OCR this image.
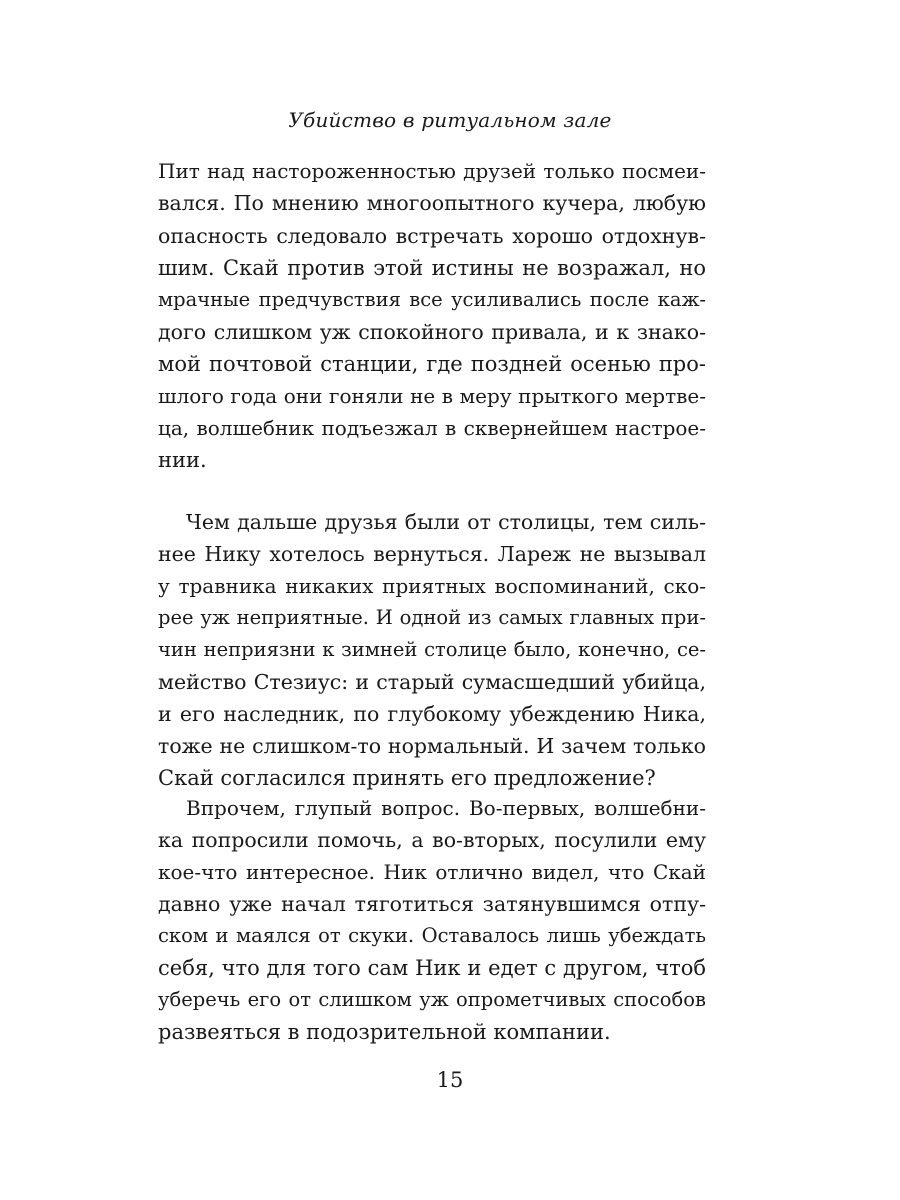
Убийство в ритуальном зале
Пит над настороженностью друзей только посмеи-
вался. По мнению многоопытного кучера, любую
опасность следовало встречать хорошо отдохнув-
шим. Скай против этой истины не возражал, но
мрачные предчувствия все усиливались после каж-
дого слишком уж спокойного привала, и к знако-
мой почтовой станции, где поздней осенью про-
шлого года они гоняли не в меру прыткого мертве-
ца, волшебник подъезжал в сквернейшем настрое-
нии.
Чем дальше друзья были от столицы, тем силь-
нее Нику хотелось вернуться. Лареж не вызывал
у травника никаких приятных воспоминаний, ско-
рее уж неприятные. И одной из самых главных при-
чин неприязни к зимней столице было, конечно, се-
мейство Стезиус: и старый сумасшедший убийца,
и его наследник, по глубокому убеждению Ника,
тоже не слишком-то нормальный. И зачем только
Скай согласился принять его предложение?
Впрочем, глупый вопрос. Во-первых, волшебни-
ка попросили помочь, а во-вторых, посулили ему
кое-что интересное. Ник отлично видел, что Скай
давно уже начал тяготиться затянувшимся отпу-
ском и маялся от скуки. Оставалось лишь убеждать
себя, что для того сам Ник и едет с другом, чтоб
уберечь его от слишком уж опрометчивых способов
развеяться в подозрительной компании.
15
